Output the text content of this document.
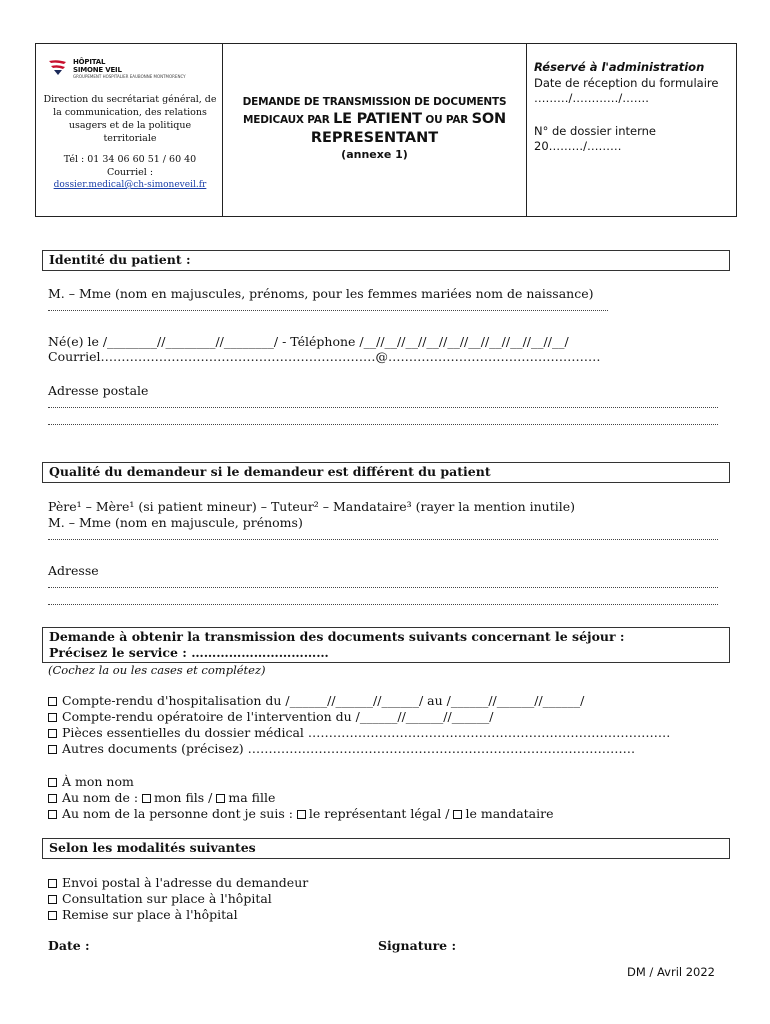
HÔPITAL
SIMONE VEIL
GROUPEMENT HOSPITALIER EAUBONNE MONTMORENCY
Direction du secrétariat général, de la communication, des relations usagers et de la politique territoriale
Tél : 01 34 06 60 51 / 60 40
Courriel :
dossier.medical@ch-simoneveil.fr
DEMANDE DE TRANSMISSION DE DOCUMENTS
MEDICAUX PAR LE PATIENT OU PAR SON
REPRESENTANT
(annexe 1)
Réservé à l'administration
Date de réception du formulaire
………/…………/…….
N° de dossier interne
20………/………
Identité du patient :
M. – Mme (nom en majuscules, prénoms, pour les femmes mariées nom de naissance)
Né(e) le /________//________//________/ - Téléphone /__//__//__//__//__//__//__//__//__//__/
Courriel…………………………………………………………@……………………………………………
Adresse postale
Qualité du demandeur si le demandeur est différent du patient
Père¹ – Mère¹ (si patient mineur) – Tuteur² – Mandataire³ (rayer la mention inutile)
M. – Mme (nom en majuscule, prénoms)
Adresse
Demande à obtenir la transmission des documents suivants concernant le séjour :
Précisez le service : ……………………………
(Cochez la ou les cases et complétez)
Compte-rendu d'hospitalisation du /______//______//______/ au /______//______//______/
Compte-rendu opératoire de l'intervention du /______//______//______/
Pièces essentielles du dossier médical ……………………………………………………………………………
Autres documents (précisez) …………………………………………………………………………………
À mon nom
Au nom de : mon fils / ma fille
Au nom de la personne dont je suis : le représentant légal / le mandataire
Selon les modalités suivantes
Envoi postal à l'adresse du demandeur
Consultation sur place à l'hôpital
Remise sur place à l'hôpital
Date :	Signature :
DM / Avril 2022
